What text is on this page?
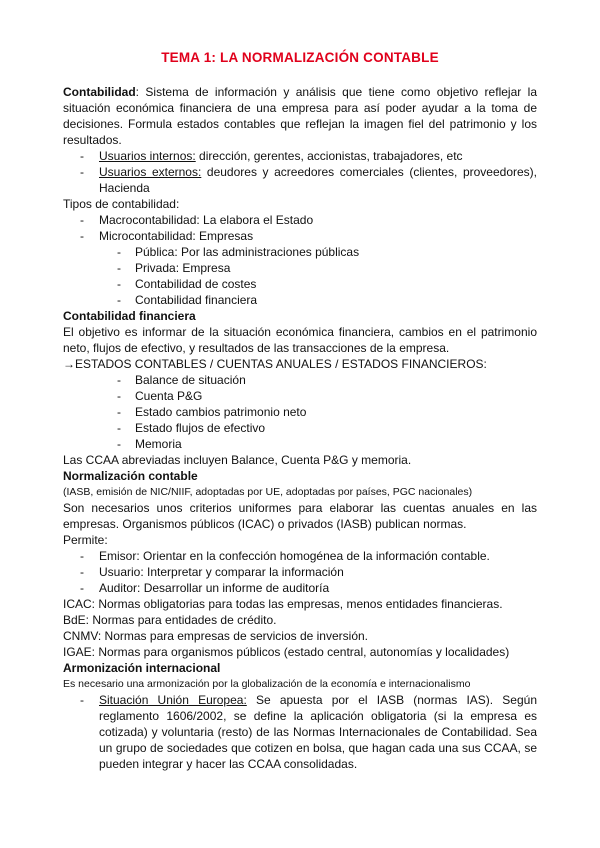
TEMA 1: LA NORMALIZACIÓN CONTABLE

Contabilidad: Sistema de información y análisis que tiene como objetivo reflejar la situación económica financiera de una empresa para así poder ayudar a la toma de decisiones. Formula estados contables que reflejan la imagen fiel del patrimonio y los resultados.

- Usuarios internos: dirección, gerentes, accionistas, trabajadores, etc
- Usuarios externos: deudores y acreedores comerciales (clientes, proveedores), Hacienda

Tipos de contabilidad:

- Macrocontabilidad: La elabora el Estado
- Microcontabilidad: Empresas
- Pública: Por las administraciones públicas
- Privada: Empresa
- Contabilidad de costes
- Contabilidad financiera

Contabilidad financiera

El objetivo es informar de la situación económica financiera, cambios en el patrimonio neto, flujos de efectivo, y resultados de las transacciones de la empresa.

→ESTADOS CONTABLES / CUENTAS ANUALES / ESTADOS FINANCIEROS:

- Balance de situación
- Cuenta P&G
- Estado cambios patrimonio neto
- Estado flujos de efectivo
- Memoria

Las CCAA abreviadas incluyen Balance, Cuenta P&G y memoria.

Normalización contable

(IASB, emisión de NIC/NIIF, adoptadas por UE, adoptadas por países, PGC nacionales)

Son necesarios unos criterios uniformes para elaborar las cuentas anuales en las empresas. Organismos públicos (ICAC) o privados (IASB) publican normas.

Permite:

- Emisor: Orientar en la confección homogénea de la información contable.
- Usuario: Interpretar y comparar la información
- Auditor: Desarrollar un informe de auditoría

ICAC: Normas obligatorias para todas las empresas, menos entidades financieras.

BdE: Normas para entidades de crédito.

CNMV: Normas para empresas de servicios de inversión.

IGAE: Normas para organismos públicos (estado central, autonomías y localidades)

Armonización internacional

Es necesario una armonización por la globalización de la economía e internacionalismo

- Situación Unión Europea: Se apuesta por el IASB (normas IAS). Según reglamento 1606/2002, se define la aplicación obligatoria (si la empresa es cotizada) y voluntaria (resto) de las Normas Internacionales de Contabilidad. Sea un grupo de sociedades que cotizen en bolsa, que hagan cada una sus CCAA, se pueden integrar y hacer las CCAA consolidadas.
